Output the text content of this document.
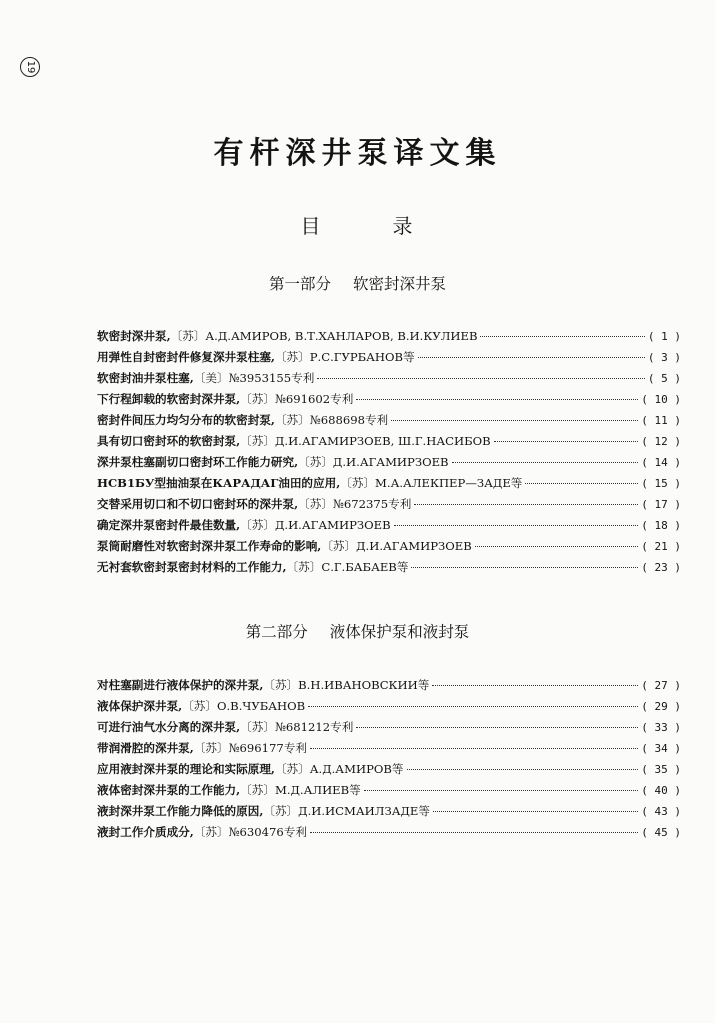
19
有杆深井泵译文集
目	录
第一部分 软密封深井泵
软密封深井泵,〔苏〕А.Д.АМИРОВ, В.Т.ХАНЛАРОВ, В.И.КУЛИЕВ	( 1 )
用弹性自封密封件修复深井泵柱塞,〔苏〕Р.С.ГУРБАНОВ等	( 3 )
软密封油井泵柱塞,〔美〕№3953155专利	( 5 )
下行程卸载的软密封深井泵,〔苏〕№691602专利	( 10 )
密封件间压力均匀分布的软密封泵,〔苏〕№688698专利	( 11 )
具有切口密封环的软密封泵,〔苏〕Д.И.АГАМИРЗОЕВ, Ш.Г.НАСИБОВ	( 12 )
深井泵柱塞副切口密封环工作能力研究,〔苏〕Д.И.АГАМИРЗОЕВ	( 14 )
НСВ1БУ型抽油泵在КАРАДАГ油田的应用,〔苏〕М.А.АЛЕКПЕР—ЗАДЕ等	( 15 )
交替采用切口和不切口密封环的深井泵,〔苏〕№672375专利	( 17 )
确定深井泵密封件最佳数量,〔苏〕Д.И.АГАМИРЗОЕВ	( 18 )
泵筒耐磨性对软密封深井泵工作寿命的影响,〔苏〕Д.И.АГАМИРЗОЕВ	( 21 )
无衬套软密封泵密封材料的工作能力,〔苏〕С.Г.БАБАЕВ等	( 23 )
第二部分 液体保护泵和液封泵
对柱塞副进行液体保护的深井泵,〔苏〕В.Н.ИВАНОВСКИИ等	( 27 )
液体保护深井泵,〔苏〕О.В.ЧУБАНОВ	( 29 )
可进行油气水分离的深井泵,〔苏〕№681212专利	( 33 )
带润滑腔的深井泵,〔苏〕№696177专利	( 34 )
应用液封深井泵的理论和实际原理,〔苏〕А.Д.АМИРОВ等	( 35 )
液体密封深井泵的工作能力,〔苏〕М.Д.АЛИЕВ等	( 40 )
液封深井泵工作能力降低的原因,〔苏〕Д.И.ИСМАИЛЗАДЕ等	( 43 )
液封工作介质成分,〔苏〕№630476专利	( 45 )
